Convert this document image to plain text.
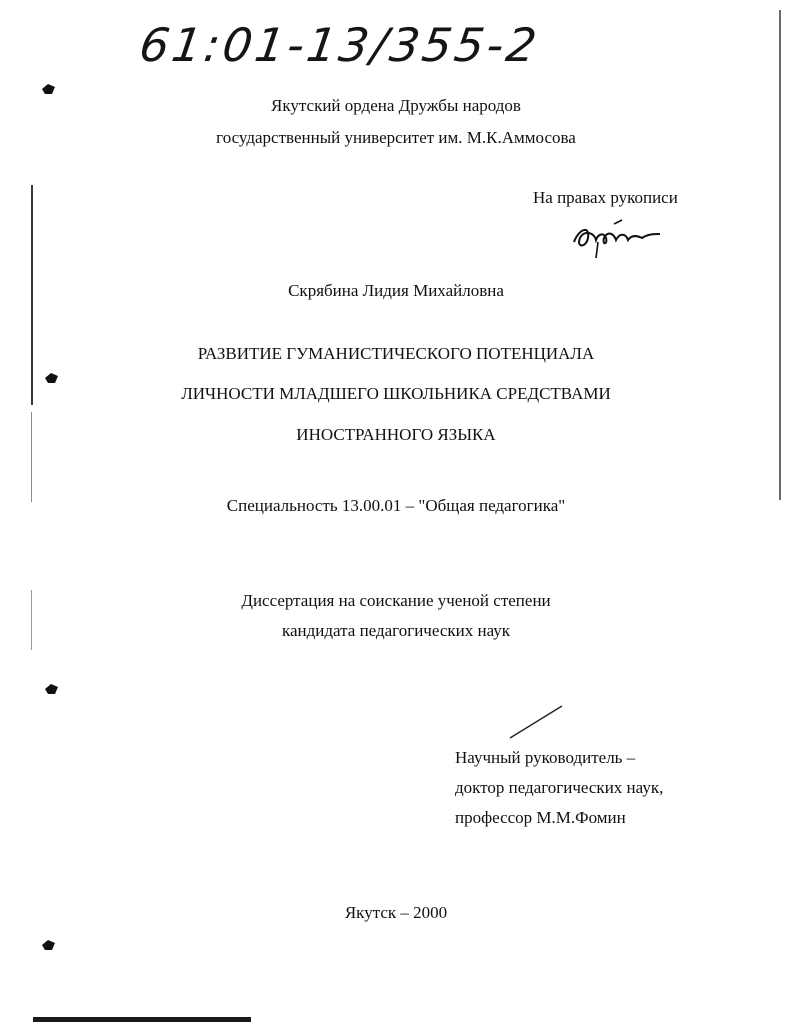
61:01-13/355-2
Якутский ордена Дружбы народов
государственный университет им. М.К.Аммосова
На правах рукописи
Скрябина Лидия Михайловна
РАЗВИТИЕ ГУМАНИСТИЧЕСКОГО ПОТЕНЦИАЛА
ЛИЧНОСТИ МЛАДШЕГО ШКОЛЬНИКА СРЕДСТВАМИ
ИНОСТРАННОГО ЯЗЫКА
Специальность 13.00.01 – "Общая педагогика"
Диссертация на соискание ученой степени
кандидата педагогических наук
Научный руководитель –
доктор педагогических наук,
профессор М.М.Фомин
Якутск – 2000
